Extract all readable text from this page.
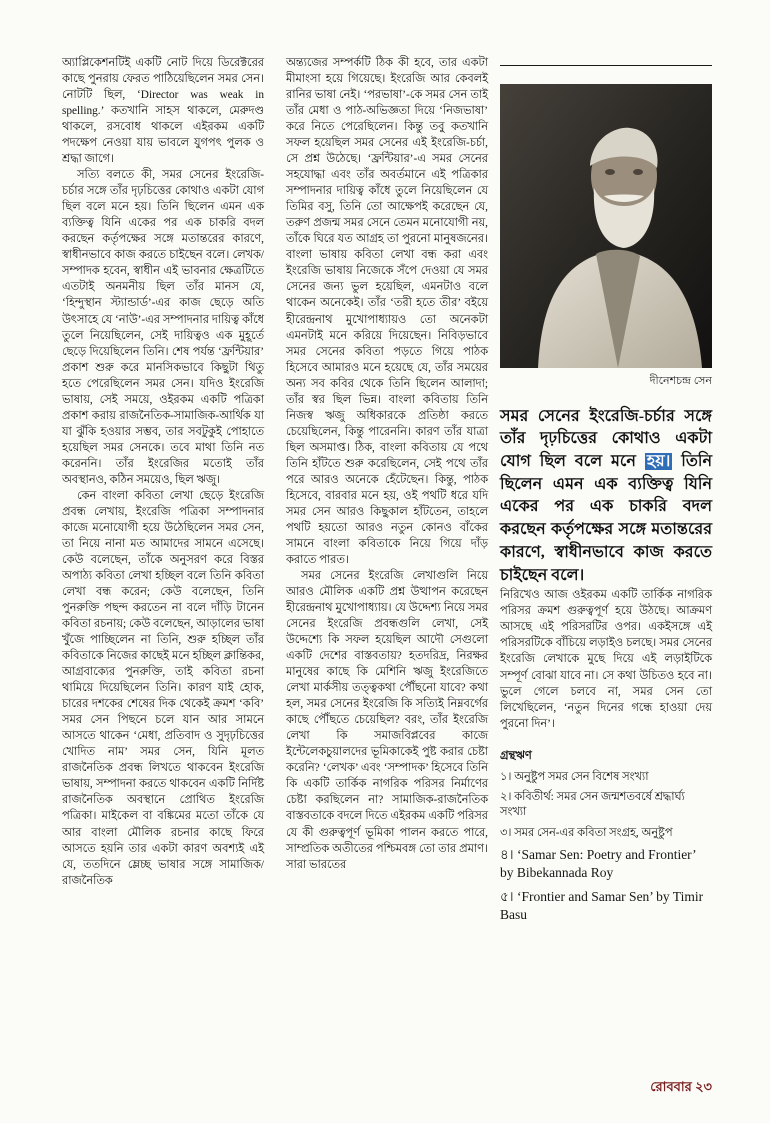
অ্যাপ্লিকেশনটিই একটি নোট দিয়ে ডিরেক্টরের কাছে পুনরায় ফেরত পাঠিয়েছিলেন সমর সেন। নোটটি ছিল, ‘Director was weak in spelling.’ কতখানি সাহস থাকলে, মেরুদণ্ড থাকলে, রসবোধ থাকলে এইরকম একটি পদক্ষেপ নেওয়া যায় ভাবলে যুগপৎ পুলক ও শ্রদ্ধা জাগে।

সত্যি বলতে কী, সমর সেনের ইংরেজি-চর্চার সঙ্গে তাঁর দৃঢ়চিত্তের কোথাও একটা যোগ ছিল বলে মনে হয়। তিনি ছিলেন এমন এক ব্যক্তিত্ব যিনি একের পর এক চাকরি বদল করছেন কর্তৃপক্ষের সঙ্গে মতান্তরের কারণে, স্বাধীনভাবে কাজ করতে চাইছেন বলে। লেখক/সম্পাদক হবেন, স্বাধীন এই ভাবনার ক্ষেত্রটিতে এতটাই অনমনীয় ছিল তাঁর মানস যে, ‘হিন্দুস্থান স্ট্যান্ডার্ড’-এর কাজ ছেড়ে অতি উৎসাহে যে ‘নাউ’-এর সম্পাদনার দায়িত্ব কাঁধে তুলে নিয়েছিলেন, সেই দায়িত্বও এক মুহূর্তে ছেড়ে দিয়েছিলেন তিনি। শেষ পর্যন্ত ‘ফ্রন্টিয়ার’ প্রকাশ শুরু করে মানসিকভাবে কিছুটা থিতু হতে পেরেছিলেন সমর সেন। যদিও ইংরেজি ভাষায়, সেই সময়ে, ওইরকম একটি পত্রিকা প্রকাশ করায় রাজনৈতিক-সামাজিক-আর্থিক যা যা ঝুঁকি হওয়ার সম্ভব, তার সবটুকুই পোহাতে হয়েছিল সমর সেনকে। তবে মাথা তিনি নত করেননি। তাঁর ইংরেজির মতোই তাঁর অবস্থানও, কঠিন সময়েও, ছিল ঋজু।

কেন বাংলা কবিতা লেখা ছেড়ে ইংরেজি প্রবন্ধ লেখায়, ইংরেজি পত্রিকা সম্পাদনার কাজে মনোযোগী হয়ে উঠেছিলেন সমর সেন, তা নিয়ে নানা মত আমাদের সামনে এসেছে। কেউ বলেছেন, তাঁকে অনুসরণ করে বিস্তর অপাঠ্য কবিতা লেখা হচ্ছিল বলে তিনি কবিতা লেখা বন্ধ করেন; কেউ বলেছেন, তিনি পুনরুক্তি পছন্দ করতেন না বলে দাঁড়ি টানেন কবিতা রচনায়; কেউ বলেছেন, আড়ালের ভাষা খুঁজে পাচ্ছিলেন না তিনি, শুরু হচ্ছিল তাঁর কবিতাকে নিজের কাছেই মনে হচ্ছিল ক্লান্তিকর, আগ্রবাক্যের পুনরুক্তি, তাই কবিতা রচনা থামিয়ে দিয়েছিলেন তিনি। কারণ যাই হোক, চারের দশকের শেষের দিক থেকেই ক্রমশ ‘কবি’ সমর সেন পিছনে চলে যান আর সামনে আসতে থাকেন ‘মেধা, প্রতিবাদ ও সুদৃঢ়চিত্তের খোদিত নাম’ সমর সেন, যিনি মূলত রাজনৈতিক প্রবন্ধ লিখতে থাকবেন ইংরেজি ভাষায়, সম্পাদনা করতে থাকবেন একটি নির্দিষ্ট রাজনৈতিক অবস্থানে প্রোথিত ইংরেজি পত্রিকা। মাইকেল বা বঙ্কিমের মতো তাঁকে যে আর বাংলা মৌলিক রচনার কাছে ফিরে আসতে হয়নি তার একটা কারণ অবশ্যই এই যে, ততদিনে ম্লেচ্ছ ভাষার সঙ্গে সামাজিক/রাজনৈতিক

অন্ত্যজের সম্পর্কটি ঠিক কী হবে, তার একটা মীমাংসা হয়ে গিয়েছে। ইংরেজি আর কেবলই রানির ভাষা নেই। ‘পরভাষা’-কে সমর সেন তাই তাঁর মেধা ও পাঠ-অভিজ্ঞতা দিয়ে ‘নিজভাষা’ করে নিতে পেরেছিলেন। কিন্তু তবু কতখানি সফল হয়েছিল সমর সেনের এই ইংরেজি-চর্চা, সে প্রশ্ন উঠেছে। ‘ফ্রন্টিয়ার’-এ সমর সেনের সহযোদ্ধা এবং তাঁর অবর্তমানে এই পত্রিকার সম্পাদনার দায়িত্ব কাঁধে তুলে নিয়েছিলেন যে তিমির বসু, তিনি তো আক্ষেপই করেছেন যে, তরুণ প্রজন্ম সমর সেনে তেমন মনোযোগী নয়, তাঁকে ঘিরে যত আগ্রহ তা পুরনো মানুষজনের। বাংলা ভাষায় কবিতা লেখা বন্ধ করা এবং ইংরেজি ভাষায় নিজেকে সঁপে দেওয়া যে সমর সেনের জন্য ভুল হয়েছিল, এমনটাও বলে থাকেন অনেকেই। তাঁর ‘তরী হতে তীর’ বইয়ে হীরেন্দ্রনাথ মুখোপাধ্যায়ও তো অনেকটা এমনটাই মনে করিয়ে দিয়েছেন। নিবিড়ভাবে সমর সেনের কবিতা পড়তে গিয়ে পাঠক হিসেবে আমারও মনে হয়েছে যে, তাঁর সময়ের অন্য সব কবির থেকে তিনি ছিলেন আলাদা; তাঁর স্বর ছিল ভিন্ন। বাংলা কবিতায় তিনি নিজস্ব ঋজু অধিকারকে প্রতিষ্ঠা করতে চেয়েছিলেন, কিন্তু পারেননি। কারণ তাঁর যাত্রা ছিল অসমাপ্ত। ঠিক, বাংলা কবিতায় যে পথে তিনি হাঁটতে শুরু করেছিলেন, সেই পথে তাঁর পরে আরও অনেকে হেঁটেছেন। কিন্তু, পাঠক হিসেবে, বারবার মনে হয়, ওই পথটি ধরে যদি সমর সেন আরও কিছুকাল হাঁটতেন, তাহলে পথটি হয়তো আরও নতুন কোনও বাঁকের সামনে বাংলা কবিতাকে নিয়ে গিয়ে দাঁড় করাতে পারত।

সমর সেনের ইংরেজি লেখাগুলি নিয়ে আরও মৌলিক একটি প্রশ্ন উত্থাপন করেছেন হীরেন্দ্রনাথ মুখোপাধ্যায়। যে উদ্দেশ্য নিয়ে সমর সেনের ইংরেজি প্রবন্ধগুলি লেখা, সেই উদ্দেশ্যে কি সফল হয়েছিল আদৌ সেগুলো একটি দেশের বাস্তবতায়? হতদরিদ্র, নিরক্ষর মানুষের কাছে কি মেশিনি ঋজু ইংরেজিতে লেখা মার্কসীয় তত্ত্বকথা পৌঁছনো যাবে? কথা হল, সমর সেনের ইংরেজি কি সত্যিই নিম্নবর্গের কাছে পৌঁছতে চেয়েছিল? বরং, তাঁর ইংরেজি লেখা কি সমাজবিপ্লবের কাজে ইন্টেলেকচুয়ালদের ভূমিকাকেই পুষ্ট করার চেষ্টা করেনি? ‘লেখক’ এবং ‘সম্পাদক’ হিসেবে তিনি কি একটি তার্কিক নাগরিক পরিসর নির্মাণের চেষ্টা করছিলেন না? সামাজিক-রাজনৈতিক বাস্তবতাকে বদলে দিতে এইরকম একটি পরিসর যে কী গুরুত্বপূর্ণ ভূমিকা পালন করতে পারে, সাম্প্রতিক অতীতের পশ্চিমবঙ্গ তো তার প্রমাণ। সারা ভারতের

দীনেশচন্দ্র সেন
সমর সেনের ইংরেজি-চর্চার সঙ্গে তাঁর দৃঢ়চিত্তের কোথাও একটা যোগ ছিল বলে মনে হয়। তিনি ছিলেন এমন এক ব্যক্তিত্ব যিনি একের পর এক চাকরি বদল করছেন কর্তৃপক্ষের সঙ্গে মতান্তরের কারণে, স্বাধীনভাবে কাজ করতে চাইছেন বলে।

নিরিখেও আজ ওইরকম একটি তার্কিক নাগরিক পরিসর ক্রমশ গুরুত্বপূর্ণ হয়ে উঠছে। আক্রমণ আসছে এই পরিসরটির ওপর। একইসঙ্গে এই পরিসরটিকে বাঁচিয়ে লড়াইও চলছে। সমর সেনের ইংরেজি লেখাকে মুছে দিয়ে এই লড়াইটিকে সম্পূর্ণ বোঝা যাবে না। সে কথা উচিতও হবে না। ভুলে গেলে চলবে না, সমর সেন তো লিখেছিলেন, ‘নতুন দিনের গন্ধে হাওয়া দেয় পুরনো দিন’।

গ্রন্থঋণ

১। অনুষ্টুপ সমর সেন বিশেষ সংখ্যা

২। কবিতীর্থ: সমর সেন জন্মশতবর্ষে শ্রদ্ধার্ঘ্য সংখ্যা

৩। সমর সেন-এর কবিতা সংগ্রহ, অনুষ্টুপ

৪। ‘Samar Sen: Poetry and Frontier’ by Bibekannada Roy

৫। ‘Frontier and Samar Sen’ by Timir Basu

রোববার ২৩
